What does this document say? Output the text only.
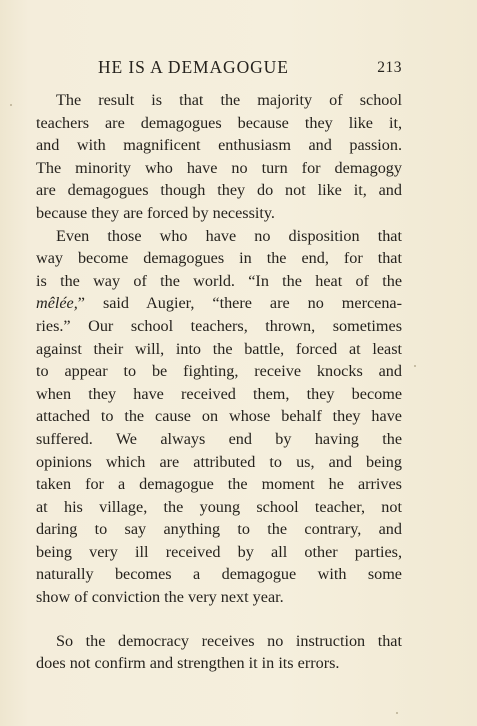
HE IS A DEMAGOGUE	213
The result is that the majority of school
teachers are demagogues because they like it,
and with magnificent enthusiasm and passion.
The minority who have no turn for demagogy
are demagogues though they do not like it, and
because they are forced by necessity.
Even those who have no disposition that
way become demagogues in the end, for that
is the way of the world. “In the heat of the
mêlée,” said Augier, “there are no mercena-
ries.” Our school teachers, thrown, sometimes
against their will, into the battle, forced at least
to appear to be fighting, receive knocks and
when they have received them, they become
attached to the cause on whose behalf they have
suffered. We always end by having the
opinions which are attributed to us, and being
taken for a demagogue the moment he arrives
at his village, the young school teacher, not
daring to say anything to the contrary, and
being very ill received by all other parties,
naturally becomes a demagogue with some
show of conviction the very next year.
So the democracy receives no instruction that
does not confirm and strengthen it in its errors.
